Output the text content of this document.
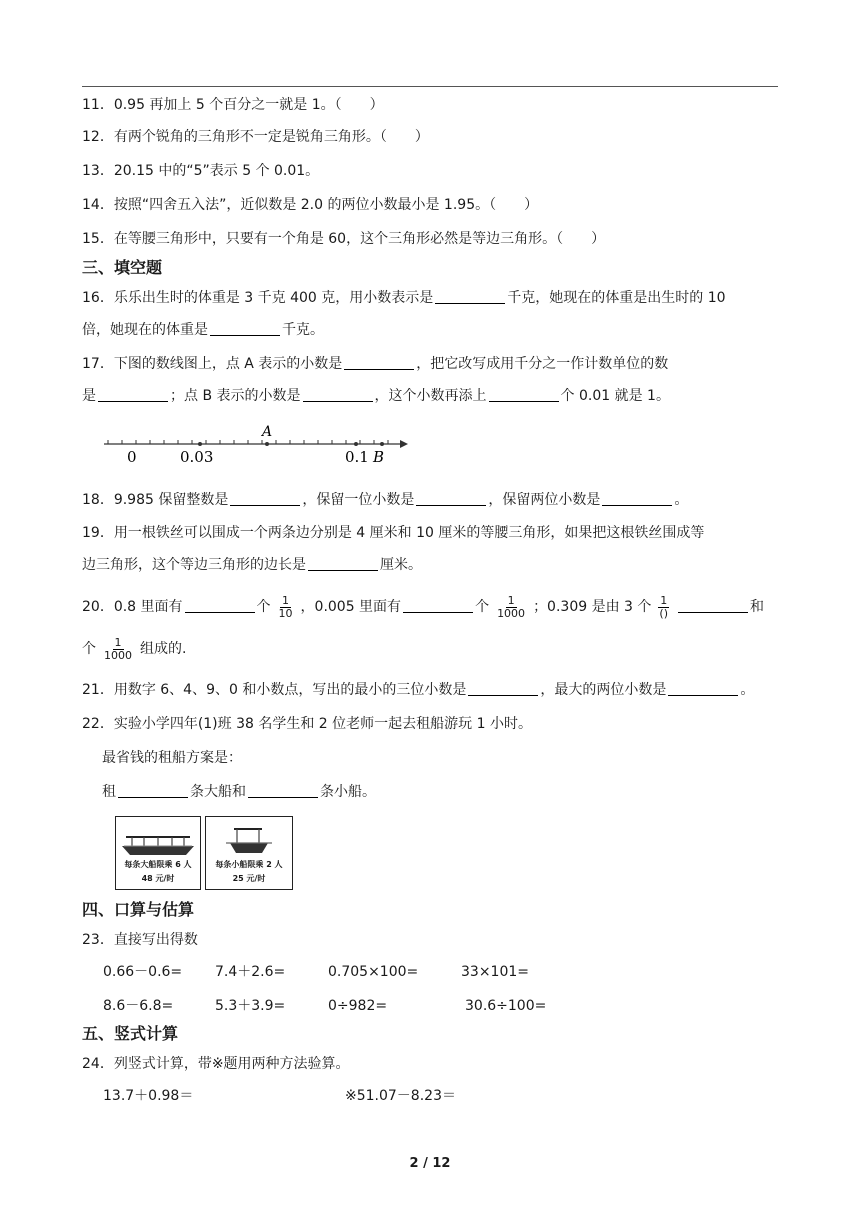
11．0.95 再加上 5 个百分之一就是 1。（　　）
12．有两个锐角的三角形不一定是锐角三角形。（　　）
13．20.15 中的“5”表示 5 个 0.01。
14．按照“四舍五入法”，近似数是 2.0 的两位小数最小是 1.95。（　　）
15．在等腰三角形中，只要有一个角是 60，这个三角形必然是等边三角形。（　　）
三、填空题
16．乐乐出生时的体重是 3 千克 400 克，用小数表示是	千克，她现在的体重是出生时的 10
倍，她现在的体重是	千克。
17．下图的数线图上，点 A 表示的小数是	，把它改写成用千分之一作计数单位的数
是	；点 B 表示的小数是	，这个小数再添上	个 0.01 就是 1。
A
0	0.03	0.1 B
18．9.985 保留整数是	，保留一位小数是	，保留两位小数是	。
19．用一根铁丝可以围成一个两条边分别是 4 厘米和 10 厘米的等腰三角形，如果把这根铁丝围成等
边三角形，这个等边三角形的边长是	厘米。
20．0.8 里面有	个 $\frac{1}{10}$ ，0.005 里面有	个 $\frac{1}{1000}$ ；0.309 是由 3 个 $\frac{1}{()}$	和
个 $\frac{1}{1000}$ 组成的.
21．用数字 6、4、9、0 和小数点，写出的最小的三位小数是	，最大的两位小数是	。
22．实验小学四年(1)班 38 名学生和 2 位老师一起去租船游玩 1 小时。
最省钱的租船方案是：
租	条大船和	条小船。
每条大船限乘 6 人
48 元/时
每条小船限乘 2 人
25 元/时
四、口算与估算
23．直接写出得数
0.66－0.6= 7.4＋2.6=	0.705×100=	33×101=
8.6－6.8=	5.3＋3.9=	0÷982=	30.6÷100=
五、竖式计算
24．列竖式计算，带※题用两种方法验算。
13.7＋0.98＝	※51.07－8.23＝
2 / 12
